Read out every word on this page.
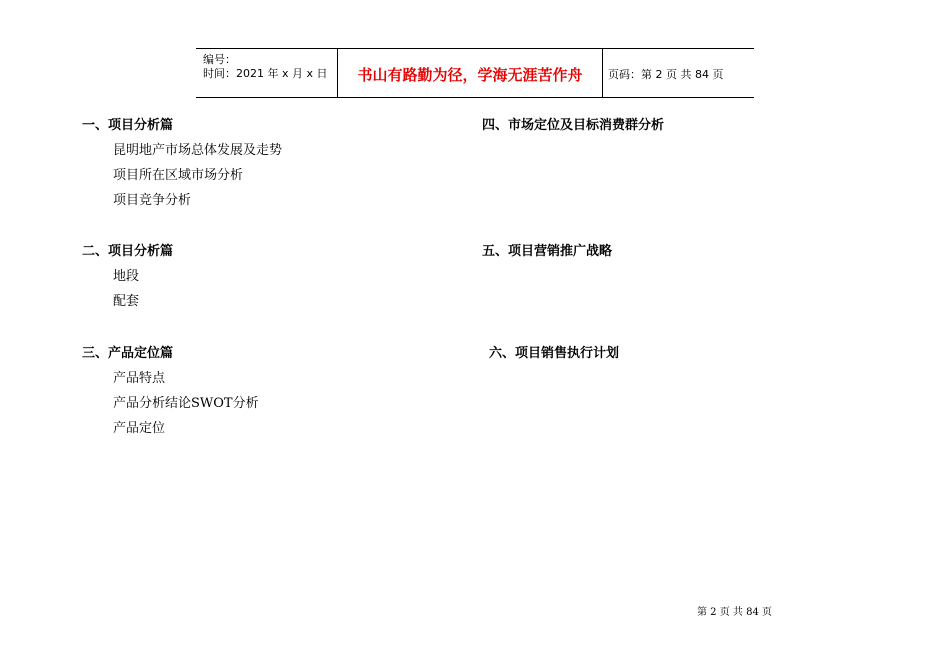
编号：
时间：2021 年 x 月 x 日	书山有路勤为径，学海无涯苦作舟	页码：第 2 页 共 84 页
一、项目分析篇
昆明地产市场总体发展及走势
项目所在区域市场分析
项目竞争分析
二、项目分析篇
地段
配套
三、产品定位篇
产品特点
产品分析结论SWOT分析
产品定位
四、市场定位及目标消费群分析
五、项目营销推广战略
六、项目销售执行计划
第 2 页 共 84 页
